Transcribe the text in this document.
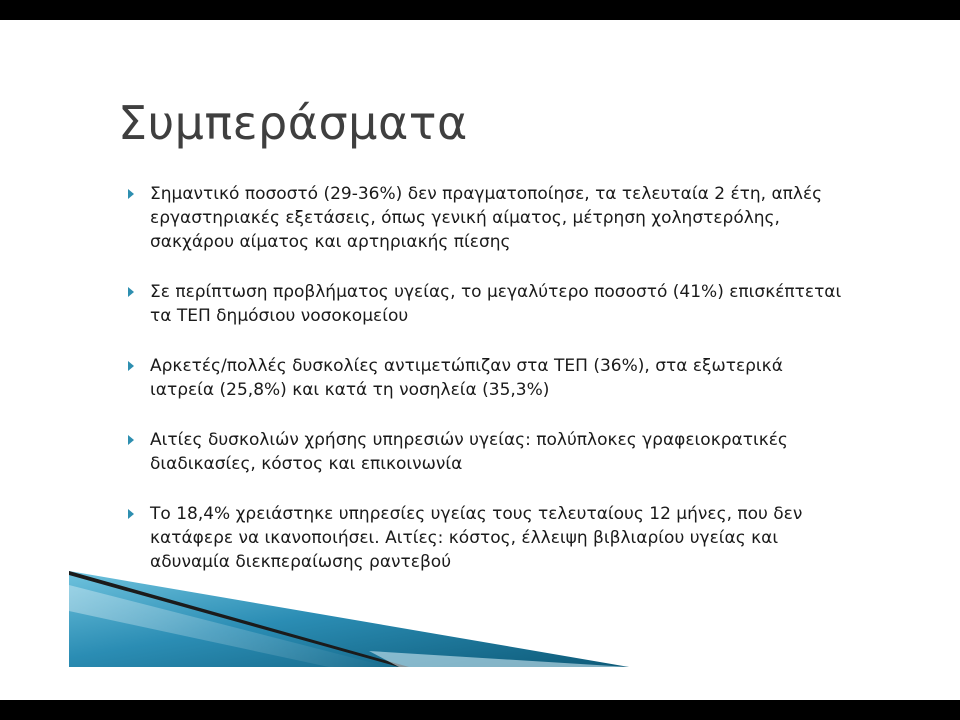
Συμπεράσματα
Σημαντικό ποσοστό (29-36%) δεν πραγματοποίησε, τα τελευταία 2 έτη, απλές εργαστηριακές εξετάσεις, όπως γενική αίματος, μέτρηση χοληστερόλης, σακχάρου αίματος και αρτηριακής πίεσης
Σε περίπτωση προβλήματος υγείας, το μεγαλύτερο ποσοστό (41%) επισκέπτεται τα ΤΕΠ δημόσιου νοσοκομείου
Αρκετές/πολλές δυσκολίες αντιμετώπιζαν στα ΤΕΠ (36%), στα εξωτερικά ιατρεία (25,8%) και κατά τη νοσηλεία (35,3%)
Αιτίες δυσκολιών χρήσης υπηρεσιών υγείας: πολύπλοκες γραφειοκρατικές διαδικασίες, κόστος και επικοινωνία
Το 18,4% χρειάστηκε υπηρεσίες υγείας τους τελευταίους 12 μήνες, που δεν κατάφερε να ικανοποιήσει. Αιτίες: κόστος, έλλειψη βιβλιαρίου υγείας και αδυναμία διεκπεραίωσης ραντεβού
